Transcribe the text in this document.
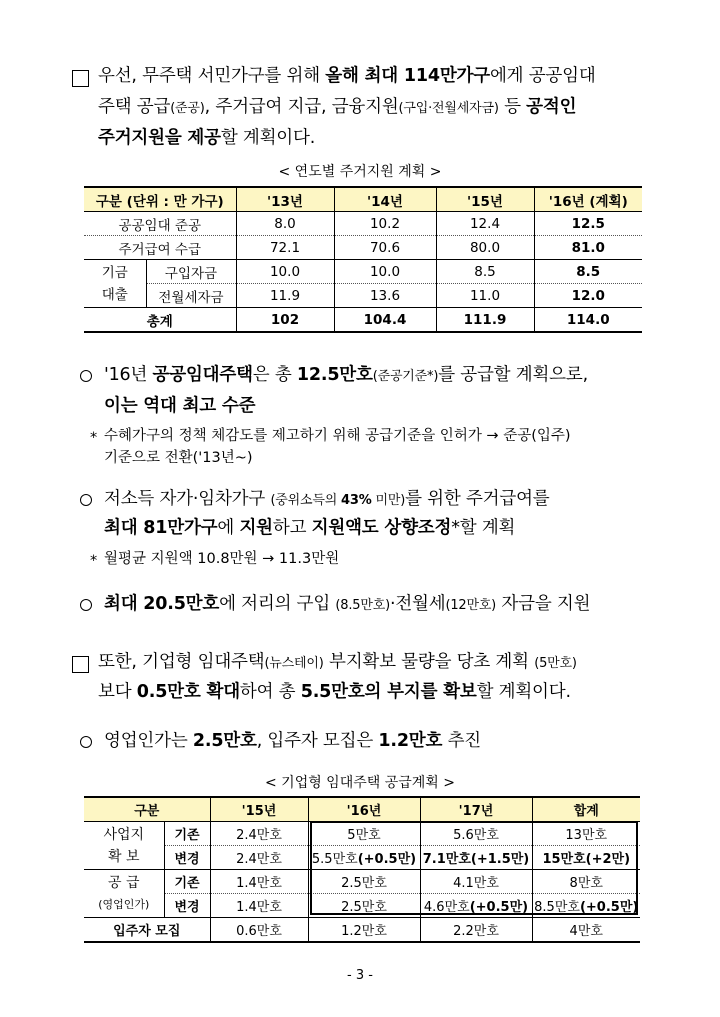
우선, 무주택 서민가구를 위해 올해 최대 114만가구에게 공공임대
주택 공급(준공), 주거급여 지급, 금융지원(구입·전월세자금) 등 공적인
주거지원을 제공할 계획이다.
< 연도별 주거지원 계획 >
구분 (단위 : 만 가구)		'13년	'14년	'15년	'16년 (계획)
공공임대 준공		8.0	10.2	12.4	12.5
주거급여 수급		72.1	70.6	80.0	81.0

기금
대출	구입자금	10.0	10.0	8.5	8.5
	전월세자금	11.9	13.6	11.0	12.0
총계		102	104.4	111.9	114.0
'16년 공공임대주택은 총 12.5만호(준공기준*)를 공급할 계획으로,
이는 역대 최고 수준
* 수혜가구의 정책 체감도를 제고하기 위해 공급기준을 인허가 → 준공(입주)
기준으로 전환('13년~)
저소득 자가·임차가구 (중위소득의 43% 미만)를 위한 주거급여를
최대 81만가구에 지원하고 지원액도 상향조정*할 계획
* 월평균 지원액 10.8만원 → 11.3만원
최대 20.5만호에 저리의 구입 (8.5만호)·전월세(12만호) 자금을 지원
또한, 기업형 임대주택(뉴스테이) 부지확보 물량을 당초 계획 (5만호)
보다 0.5만호 확대하여 총 5.5만호의 부지를 확보할 계획이다.
영업인가는 2.5만호, 입주자 모집은 1.2만호 추진
< 기업형 임대주택 공급계획 >
구분		'15년	'16년	'17년	합계

사업지
확 보	기존	2.4만호	5만호	5.6만호	13만호
	변경	2.4만호	5.5만호(+0.5만)	7.1만호(+1.5만)	15만호(+2만)

공 급
(영업인가)	기존	1.4만호	2.5만호	4.1만호	8만호
	변경	1.4만호	2.5만호	4.6만호(+0.5만)	8.5만호(+0.5만)
입주자 모집		0.6만호	1.2만호	2.2만호	4만호
- 3 -
